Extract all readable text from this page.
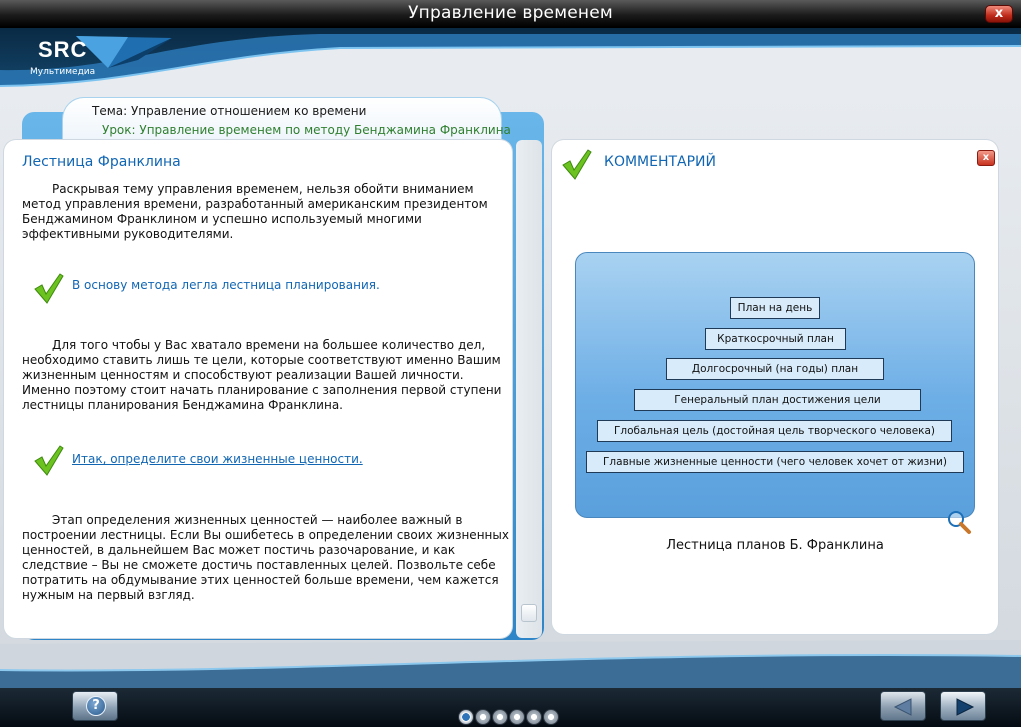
Управление временем	x
SRC
Мультимедиа
Тема: Управление отношением ко времени
Урок: Управление временем по методу Бенджамина Франклина
Лестница Франклина
Раскрывая тему управления временем, нельзя обойти вниманием метод управления времени, разработанный американским президентом Бенджамином Франклином и успешно используемый многими эффективными руководителями.
В основу метода легла лестница планирования.
Для того чтобы у Вас хватало времени на большее количество дел, необходимо ставить лишь те цели, которые соответствуют именно Вашим жизненным ценностям и способствуют реализации Вашей личности. Именно поэтому стоит начать планирование с заполнения первой ступени лестницы планирования Бенджамина Франклина.
Итак, определите свои жизненные ценности.
Этап определения жизненных ценностей — наиболее важный в построении лестницы. Если Вы ошибетесь в определении своих жизненных ценностей, в дальнейшем Вас может постичь разочарование, и как следствие – Вы не сможете достичь поставленных целей. Позвольте себе потратить на обдумывание этих ценностей больше времени, чем кажется нужным на первый взгляд.
КОММЕНТАРИЙ	x
План на день
Краткосрочный план
Долгосрочный (на годы) план
Генеральный план достижения цели
Глобальная цель (достойная цель творческого человека)
Главные жизненные ценности (чего человек хочет от жизни)
Лестница планов Б. Франклина
?
